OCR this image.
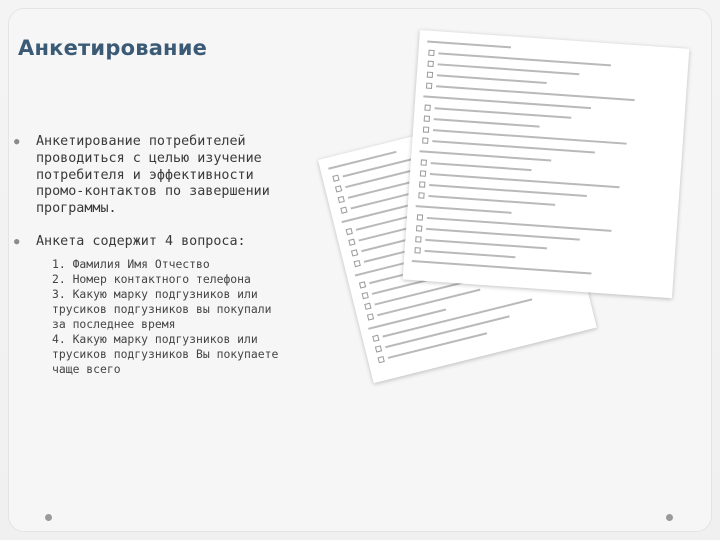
Анкетирование
● Анкетирование потребителей проводиться с целью изучение потребителя и эффективности промо-контактов по завершении программы.
● Анкета содержит 4 вопроса:
1. Фамилия Имя Отчество
2. Номер контактного телефона
3. Какую марку подгузников или трусиков подгузников вы покупали за последнее время
4. Какую марку подгузников или трусиков подгузников Вы покупаете чаще всего
